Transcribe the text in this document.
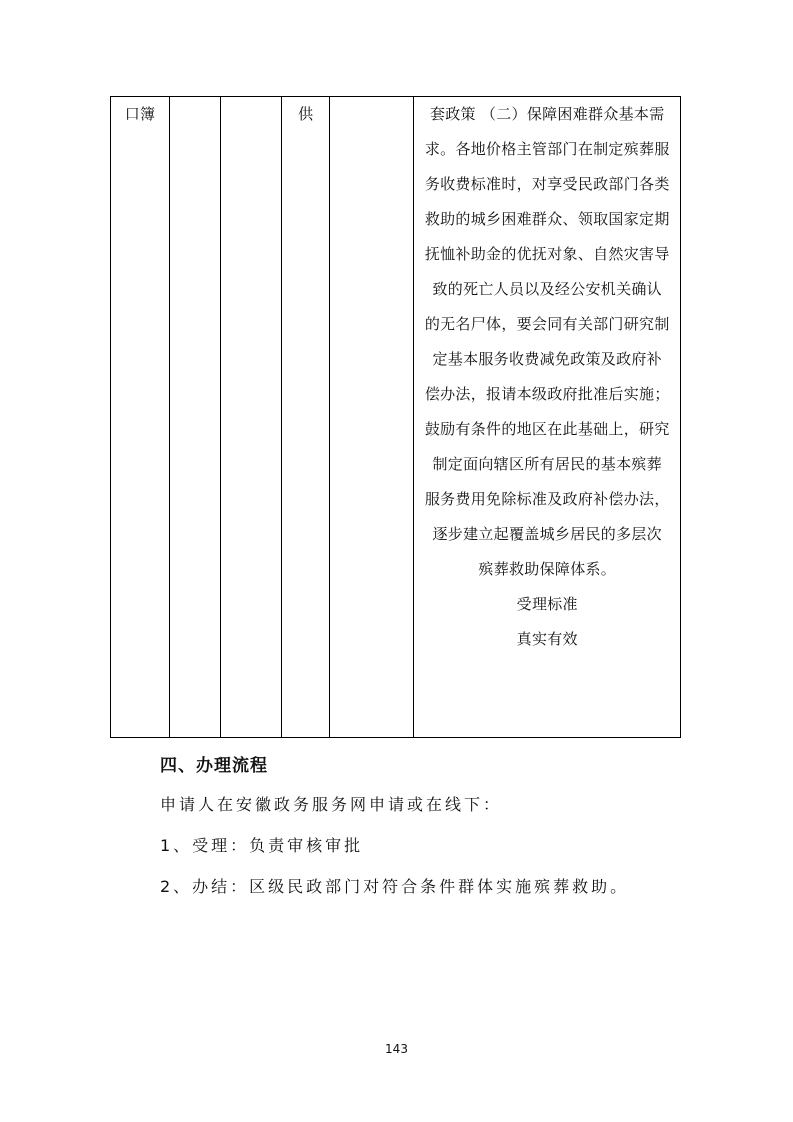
口簿			供		套政策 （二）保障困难群众基本需
求。各地价格主管部门在制定殡葬服
务收费标准时，对享受民政部门各类
救助的城乡困难群众、领取国家定期
抚恤补助金的优抚对象、自然灾害导
致的死亡人员以及经公安机关确认
的无名尸体，要会同有关部门研究制
定基本服务收费减免政策及政府补
偿办法，报请本级政府批准后实施；
鼓励有条件的地区在此基础上，研究
制定面向辖区所有居民的基本殡葬
服务费用免除标准及政府补偿办法，
逐步建立起覆盖城乡居民的多层次
殡葬救助保障体系。
受理标准
真实有效
四、办理流程
申请人在安徽政务服务网申请或在线下：
1、受理：负责审核审批
2、办结：区级民政部门对符合条件群体实施殡葬救助。
143
